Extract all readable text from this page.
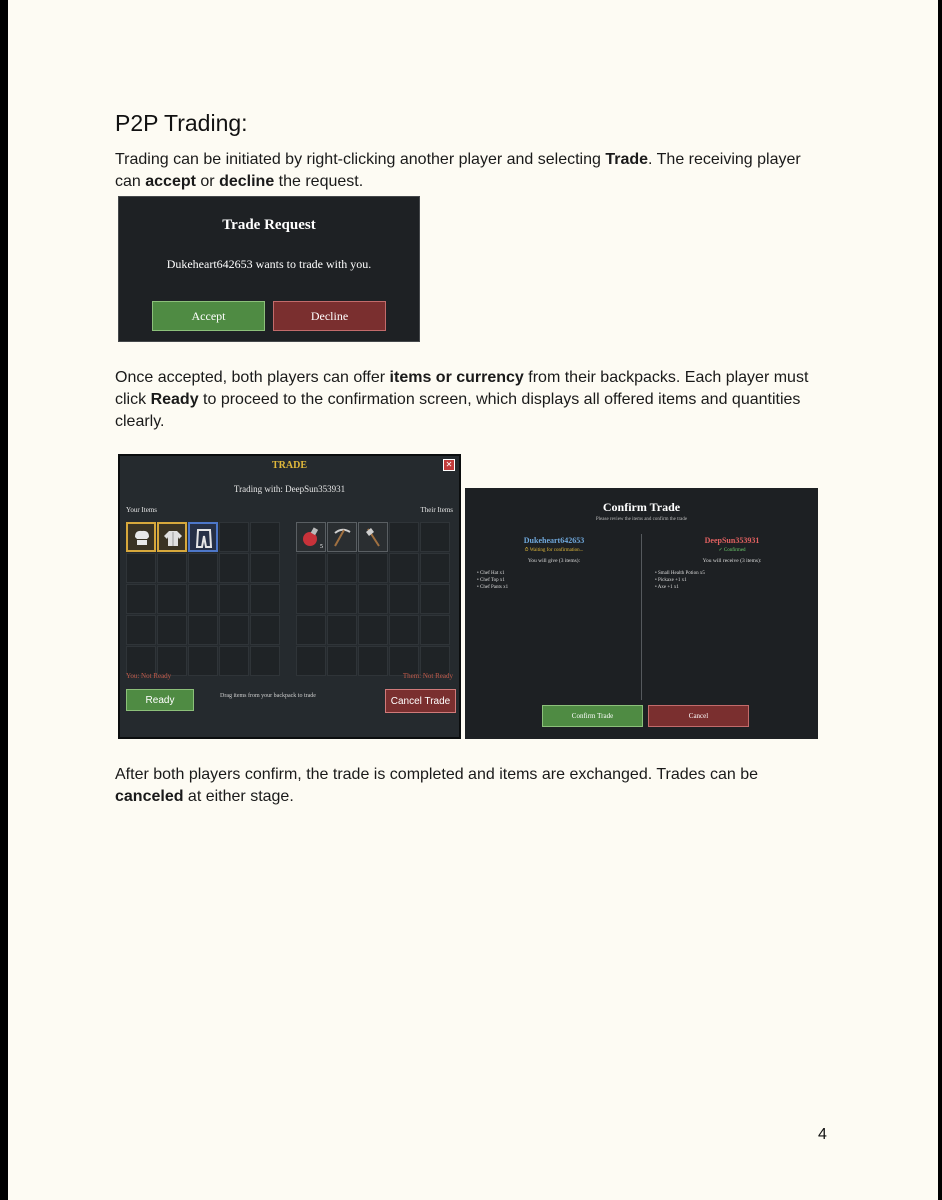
P2P Trading:
Trading can be initiated by right-clicking another player and selecting Trade. The receiving player can accept or decline the request.
Trade Request
Dukeheart642653 wants to trade with you.
Accept	Decline
Once accepted, both players can offer items or currency from their backpacks. Each player must click Ready to proceed to the confirmation screen, which displays all offered items and quantities clearly.
TRADE	✕
Trading with: DeepSun353931
Your Items	Their Items
5
You: Not Ready	Them: Not Ready
Ready	Drag items from your backpack to trade	Cancel Trade
Confirm Trade
Please review the items and confirm the trade
Dukeheart642653
⏱ Waiting for confirmation...
You will give (3 items):
• Chef Hat x1
• Chef Top x1
• Chef Pants x1
DeepSun353931
✓ Confirmed
You will receive (3 items):
• Small Health Potion x5
• Pickaxe +1 x1
• Axe +1 x1
Confirm Trade	Cancel
After both players confirm, the trade is completed and items are exchanged. Trades can be canceled at either stage.
4
